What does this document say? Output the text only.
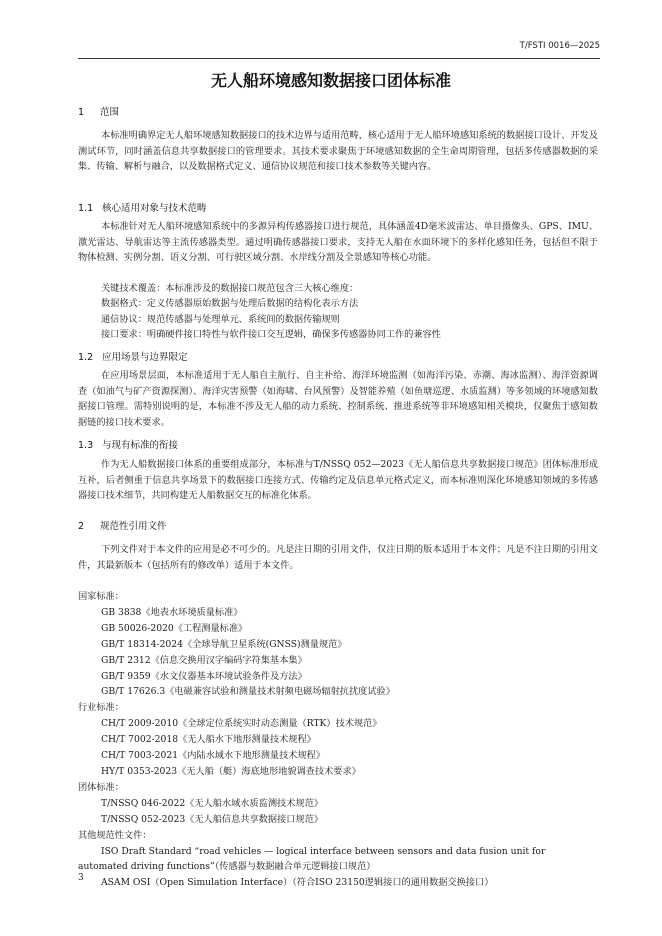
T/FSTI 0016—2025
无人船环境感知数据接口团体标准
1 范围

本标准明确界定无人船环境感知数据接口的技术边界与适用范畴，核心适用于无人船环境感知系统的数据接口设计、开发及测试环节，同时涵盖信息共享数据接口的管理要求。其技术要求聚焦于环境感知数据的全生命周期管理，包括多传感器数据的采集、传输、解析与融合，以及数据格式定义、通信协议规范和接口技术参数等关键内容。

1.1 核心适用对象与技术范畴

本标准针对无人船环境感知系统中的多源异构传感器接口进行规范，具体涵盖4D毫米波雷达、单目摄像头、GPS、IMU、激光雷达、导航雷达等主流传感器类型。通过明确传感器接口要求，支持无人船在水面环境下的多样化感知任务，包括但不限于物体检测、实例分割、语义分割、可行驶区域分割、水岸线分割及全景感知等核心功能。

关键技术覆盖：本标准涉及的数据接口规范包含三大核心维度：

数据格式：定义传感器原始数据与处理后数据的结构化表示方法

通信协议：规范传感器与处理单元、系统间的数据传输规则

接口要求：明确硬件接口特性与软件接口交互逻辑，确保多传感器协同工作的兼容性

1.2 应用场景与边界限定

在应用场景层面，本标准适用于无人船自主航行、自主补给、海洋环境监测（如海洋污染、赤潮、海冰监测）、海洋资源调查（如油气与矿产资源探测）、海洋灾害预警（如海啸、台风预警）及智能养殖（如鱼塘巡逻、水质监测）等多领域的环境感知数据接口管理。需特别说明的是，本标准不涉及无人船的动力系统、控制系统、推进系统等非环境感知相关模块，仅聚焦于感知数据链的接口技术要求。

1.3 与现有标准的衔接

作为无人船数据接口体系的重要组成部分，本标准与T/NSSQ 052—2023《无人船信息共享数据接口规范》团体标准形成互补，后者侧重于信息共享场景下的数据接口连接方式、传输约定及信息单元格式定义，而本标准则深化环境感知领域的多传感器接口技术细节，共同构建无人船数据交互的标准化体系。

2 规范性引用文件

下列文件对于本文件的应用是必不可少的。凡是注日期的引用文件，仅注日期的版本适用于本文件；凡是不注日期的引用文件，其最新版本（包括所有的修改单）适用于本文件。

国家标准：
GB 3838《地表水环境质量标准》
GB 50026-2020《工程测量标准》
GB/T 18314-2024《全球导航卫星系统(GNSS)测量规范》
GB/T 2312《信息交换用汉字编码字符集基本集》
GB/T 9359《水文仪器基本环境试验条件及方法》
GB/T 17626.3《电磁兼容试验和测量技术射频电磁场辐射抗扰度试验》
行业标准：
CH/T 2009-2010《全球定位系统实时动态测量（RTK）技术规范》
CH/T 7002-2018《无人船水下地形测量技术规程》
CH/T 7003-2021《内陆水域水下地形测量技术规程》
HY/T 0353-2023《无人船（艇）海底地形地貌调查技术要求》
团体标准：
T/NSSQ 046-2022《无人船水域水质监测技术规范》
T/NSSQ 052-2023《无人船信息共享数据接口规范》
其他规范性文件：
ISO Draft Standard “road vehicles — logical interface between sensors and data fusion unit for automated driving functions”（传感器与数据融合单元逻辑接口规范）
ASAM OSI（Open Simulation Interface）（符合ISO 23150逻辑接口的通用数据交换接口）
3
